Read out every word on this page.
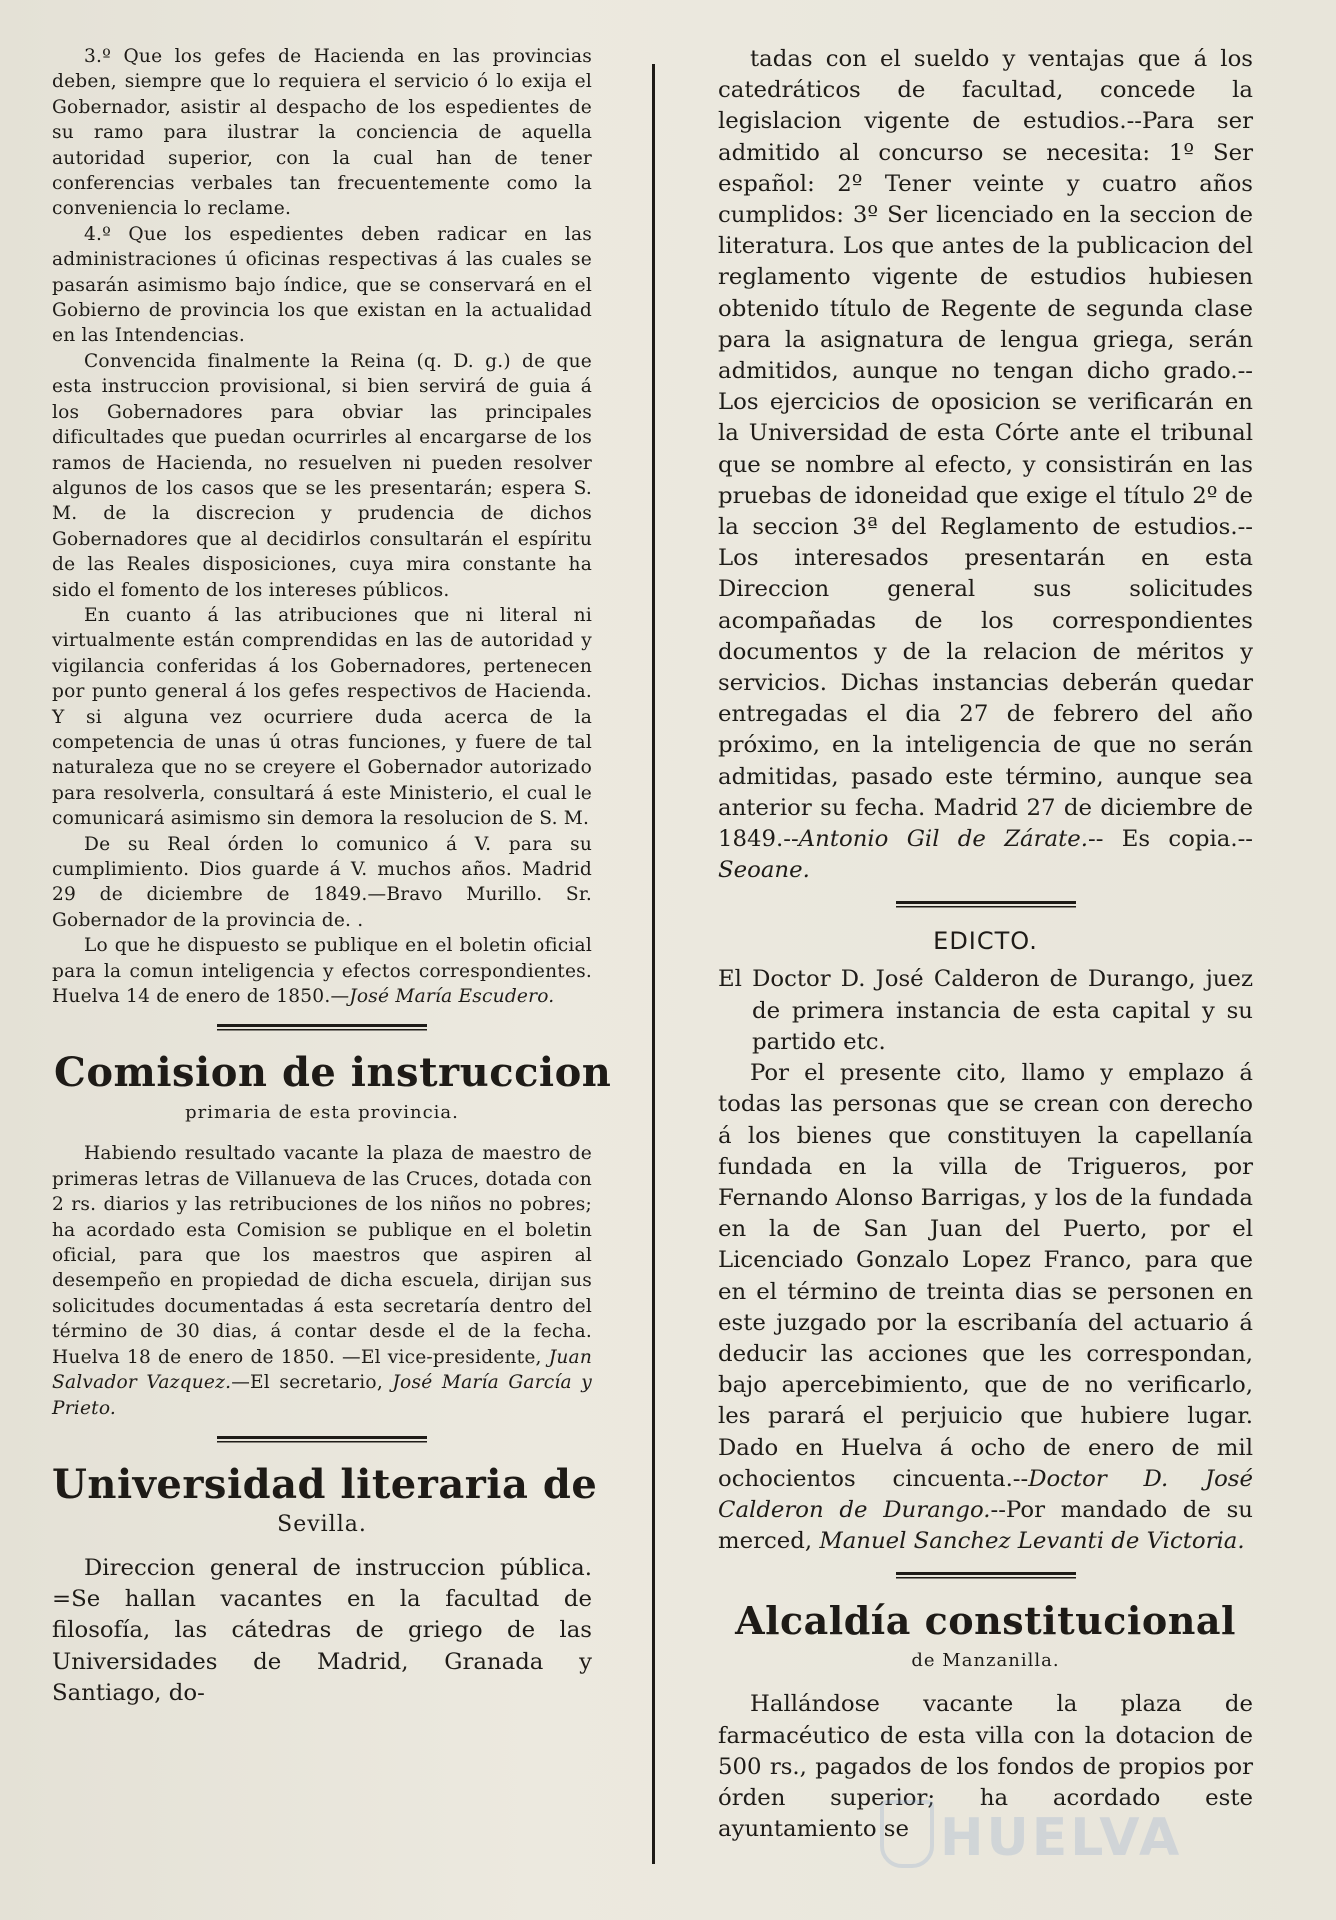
3.º Que los gefes de Hacienda en las provincias deben, siempre que lo requiera el servicio ó lo exija el Gobernador, asistir al despacho de los espedientes de su ramo para ilustrar la conciencia de aquella autoridad superior, con la cual han de tener conferencias verbales tan frecuentemente como la conveniencia lo reclame.

4.º Que los espedientes deben radicar en las administraciones ú oficinas respectivas á las cuales se pasarán asimismo bajo índice, que se conservará en el Gobierno de provincia los que existan en la actualidad en las Intendencias.

Convencida finalmente la Reina (q. D. g.) de que esta instruccion provisional, si bien servirá de guia á los Gobernadores para obviar las principales dificultades que puedan ocurrirles al encargarse de los ramos de Hacienda, no resuelven ni pueden resolver algunos de los casos que se les presentarán; espera S. M. de la discrecion y prudencia de dichos Gobernadores que al decidirlos consultarán el espíritu de las Reales disposiciones, cuya mira constante ha sido el fomento de los intereses públicos.

En cuanto á las atribuciones que ni literal ni virtualmente están comprendidas en las de autoridad y vigilancia conferidas á los Gobernadores, pertenecen por punto general á los gefes respectivos de Hacienda. Y si alguna vez ocurriere duda acerca de la competencia de unas ú otras funciones, y fuere de tal naturaleza que no se creyere el Gobernador autorizado para resolverla, consultará á este Ministerio, el cual le comunicará asimismo sin demora la resolucion de S. M.

De su Real órden lo comunico á V. para su cumplimiento. Dios guarde á V. muchos años. Madrid 29 de diciembre de 1849.—Bravo Murillo. Sr. Gobernador de la provincia de. .

Lo que he dispuesto se publique en el boletin oficial para la comun inteligencia y efectos correspondientes. Huelva 14 de enero de 1850.—José María Escudero.

Comision de instruccion

primaria de esta provincia.

Habiendo resultado vacante la plaza de maestro de primeras letras de Villanueva de las Cruces, dotada con 2 rs. diarios y las retribuciones de los niños no pobres; ha acordado esta Comision se publique en el boletin oficial, para que los maestros que aspiren al desempeño en propiedad de dicha escuela, dirijan sus solicitudes documentadas á esta secretaría dentro del término de 30 dias, á contar desde el de la fecha. Huelva 18 de enero de 1850. —El vice-presidente, Juan Salvador Vazquez.—El secretario, José María García y Prieto.

Universidad literaria de

Sevilla.

Direccion general de instruccion pública. =Se hallan vacantes en la facultad de filosofía, las cátedras de griego de las Universidades de Madrid, Granada y Santiago, do-

tadas con el sueldo y ventajas que á los catedráticos de facultad, concede la legislacion vigente de estudios.--Para ser admitido al concurso se necesita: 1º Ser español: 2º Tener veinte y cuatro años cumplidos: 3º Ser licenciado en la seccion de literatura. Los que antes de la publicacion del reglamento vigente de estudios hubiesen obtenido título de Regente de segunda clase para la asignatura de lengua griega, serán admitidos, aunque no tengan dicho grado.--Los ejercicios de oposicion se verificarán en la Universidad de esta Córte ante el tribunal que se nombre al efecto, y consistirán en las pruebas de idoneidad que exige el título 2º de la seccion 3ª del Reglamento de estudios.--Los interesados presentarán en esta Direccion general sus solicitudes acompañadas de los correspondientes documentos y de la relacion de méritos y servicios. Dichas instancias deberán quedar entregadas el dia 27 de febrero del año próximo, en la inteligencia de que no serán admitidas, pasado este término, aunque sea anterior su fecha. Madrid 27 de diciembre de 1849.--Antonio Gil de Zárate.-- Es copia.--Seoane.

EDICTO.

El Doctor D. José Calderon de Durango, juez de primera instancia de esta capital y su partido etc.

Por el presente cito, llamo y emplazo á todas las personas que se crean con derecho á los bienes que constituyen la capellanía fundada en la villa de Trigueros, por Fernando Alonso Barrigas, y los de la fundada en la de San Juan del Puerto, por el Licenciado Gonzalo Lopez Franco, para que en el término de treinta dias se personen en este juzgado por la escribanía del actuario á deducir las acciones que les correspondan, bajo apercebimiento, que de no verificarlo, les parará el perjuicio que hubiere lugar. Dado en Huelva á ocho de enero de mil ochocientos cincuenta.--Doctor D. José Calderon de Durango.--Por mandado de su merced, Manuel Sanchez Levanti de Victoria.

Alcaldía constitucional

de Manzanilla.

Hallándose vacante la plaza de farmacéutico de esta villa con la dotacion de 500 rs., pagados de los fondos de propios por órden superior; ha acordado este ayuntamiento se HUELVA
